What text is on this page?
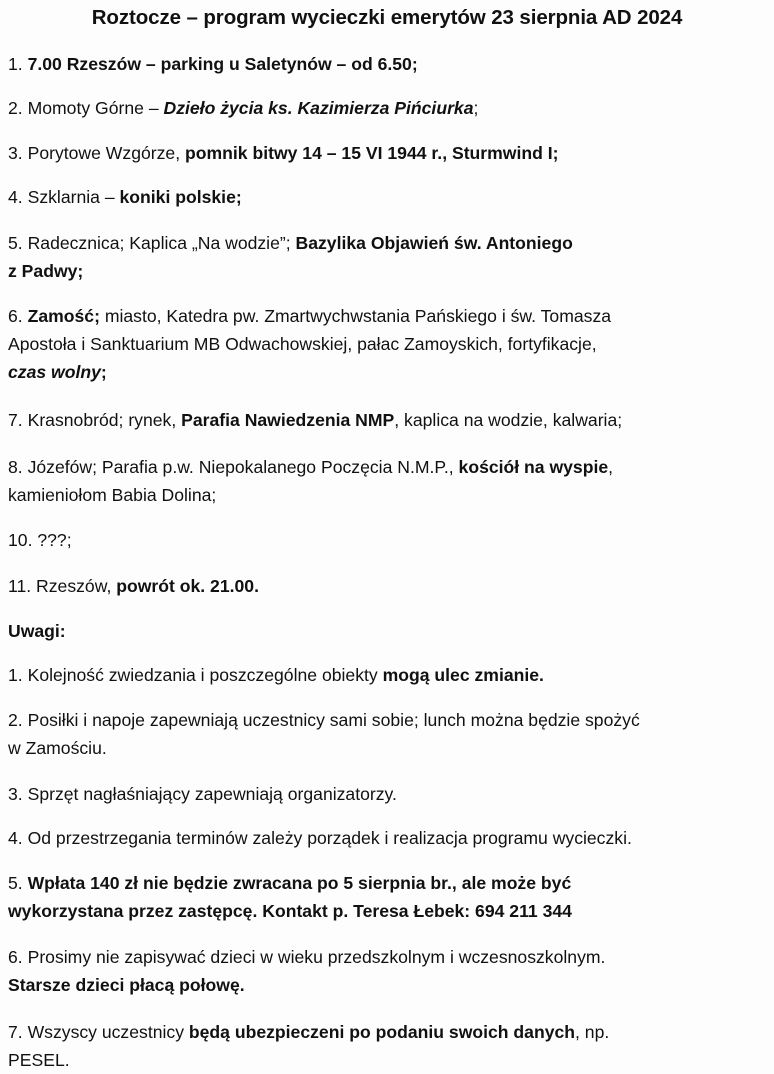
Roztocze – program wycieczki emerytów 23 sierpnia AD 2024
1. 7.00 Rzeszów – parking u Saletynów – od 6.50;
2. Momoty Górne – Dzieło życia ks. Kazimierza Pińciurka;
3. Porytowe Wzgórze, pomnik bitwy 14 – 15 VI 1944 r., Sturmwind I;
4. Szklarnia – koniki polskie;
5. Radecznica; Kaplica „Na wodzie”; Bazylika Objawień św. Antoniego
z Padwy;
6. Zamość; miasto, Katedra pw. Zmartwychwstania Pańskiego i św. Tomasza
Apostoła i Sanktuarium MB Odwachowskiej, pałac Zamoyskich, fortyfikacje,
czas wolny;
7. Krasnobród; rynek, Parafia Nawiedzenia NMP, kaplica na wodzie, kalwaria;
8. Józefów; Parafia p.w. Niepokalanego Poczęcia N.M.P., kościół na wyspie,
kamieniołom Babia Dolina;
10. ???;
11. Rzeszów, powrót ok. 21.00.
Uwagi:
1. Kolejność zwiedzania i poszczególne obiekty mogą ulec zmianie.
2. Posiłki i napoje zapewniają uczestnicy sami sobie; lunch można będzie spożyć
w Zamościu.
3. Sprzęt nagłaśniający zapewniają organizatorzy.
4. Od przestrzegania terminów zależy porządek i realizacja programu wycieczki.
5. Wpłata 140 zł nie będzie zwracana po 5 sierpnia br., ale może być
wykorzystana przez zastępcę. Kontakt p. Teresa Łebek: 694 211 344
6. Prosimy nie zapisywać dzieci w wieku przedszkolnym i wczesnoszkolnym.
Starsze dzieci płacą połowę.
7. Wszyscy uczestnicy będą ubezpieczeni po podaniu swoich danych, np.
PESEL.
